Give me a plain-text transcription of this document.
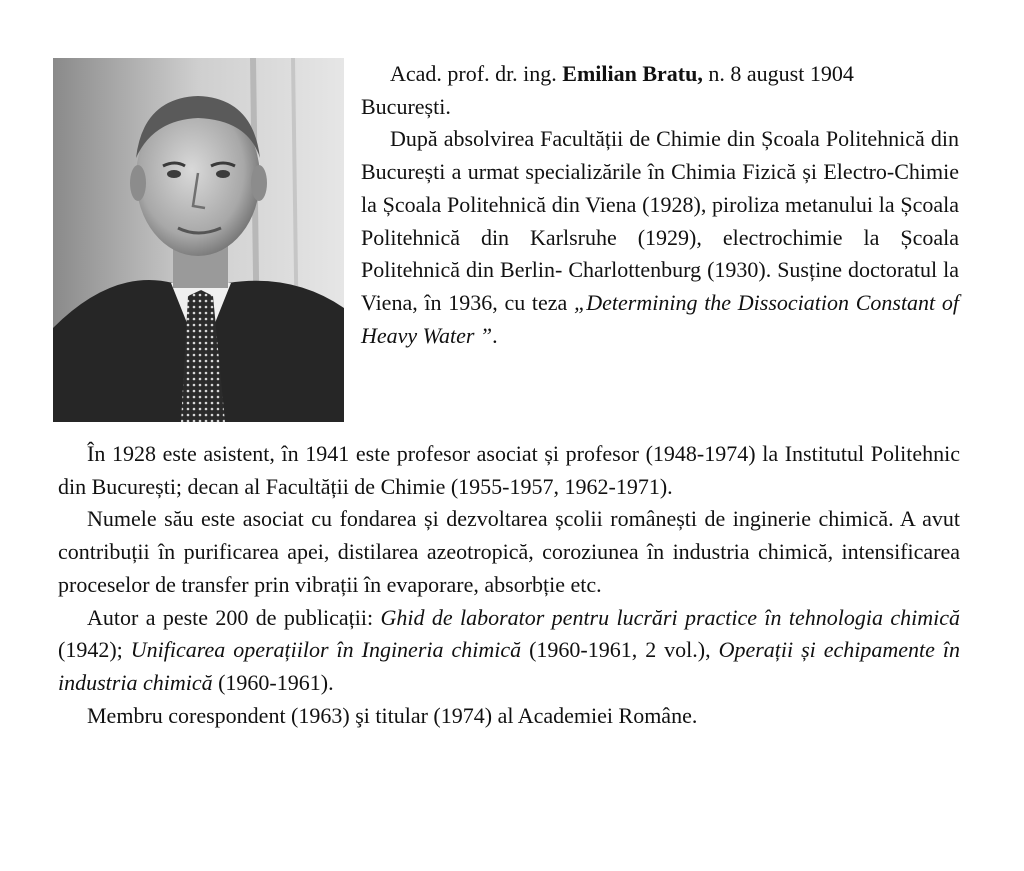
Acad. prof. dr. ing. Emilian Bratu, n. 8 august 1904
București.

După absolvirea Facultății de Chimie din Școala Politehnică din București a urmat specializările în Chimia Fizică și Electro-Chimie la Școala Politehnică din Viena (1928), piroliza metanului la Școala Politehnică din Karlsruhe (1929), electrochimie la Școala Politehnică din Berlin- Charlottenburg (1930). Susține doctoratul la Viena, în 1936, cu teza „Determining the Dissociation Constant of Heavy Water ”.

În 1928 este asistent, în 1941 este profesor asociat și profesor (1948-1974) la Institutul Politehnic din București; decan al Facultății de Chimie (1955-1957, 1962-1971).

Numele său este asociat cu fondarea și dezvoltarea școlii românești de inginerie chimică. A avut contribuții în purificarea apei, distilarea azeotropică, coroziunea în industria chimică, intensificarea proceselor de transfer prin vibrații în evaporare, absorbție etc.

Autor a peste 200 de publicații: Ghid de laborator pentru lucrări practice în tehnologia chimică (1942); Unificarea operațiilor în Ingineria chimică (1960-1961, 2 vol.), Operații și echipamente în industria chimică (1960-1961).

Membru corespondent (1963) şi titular (1974) al Academiei Române.
